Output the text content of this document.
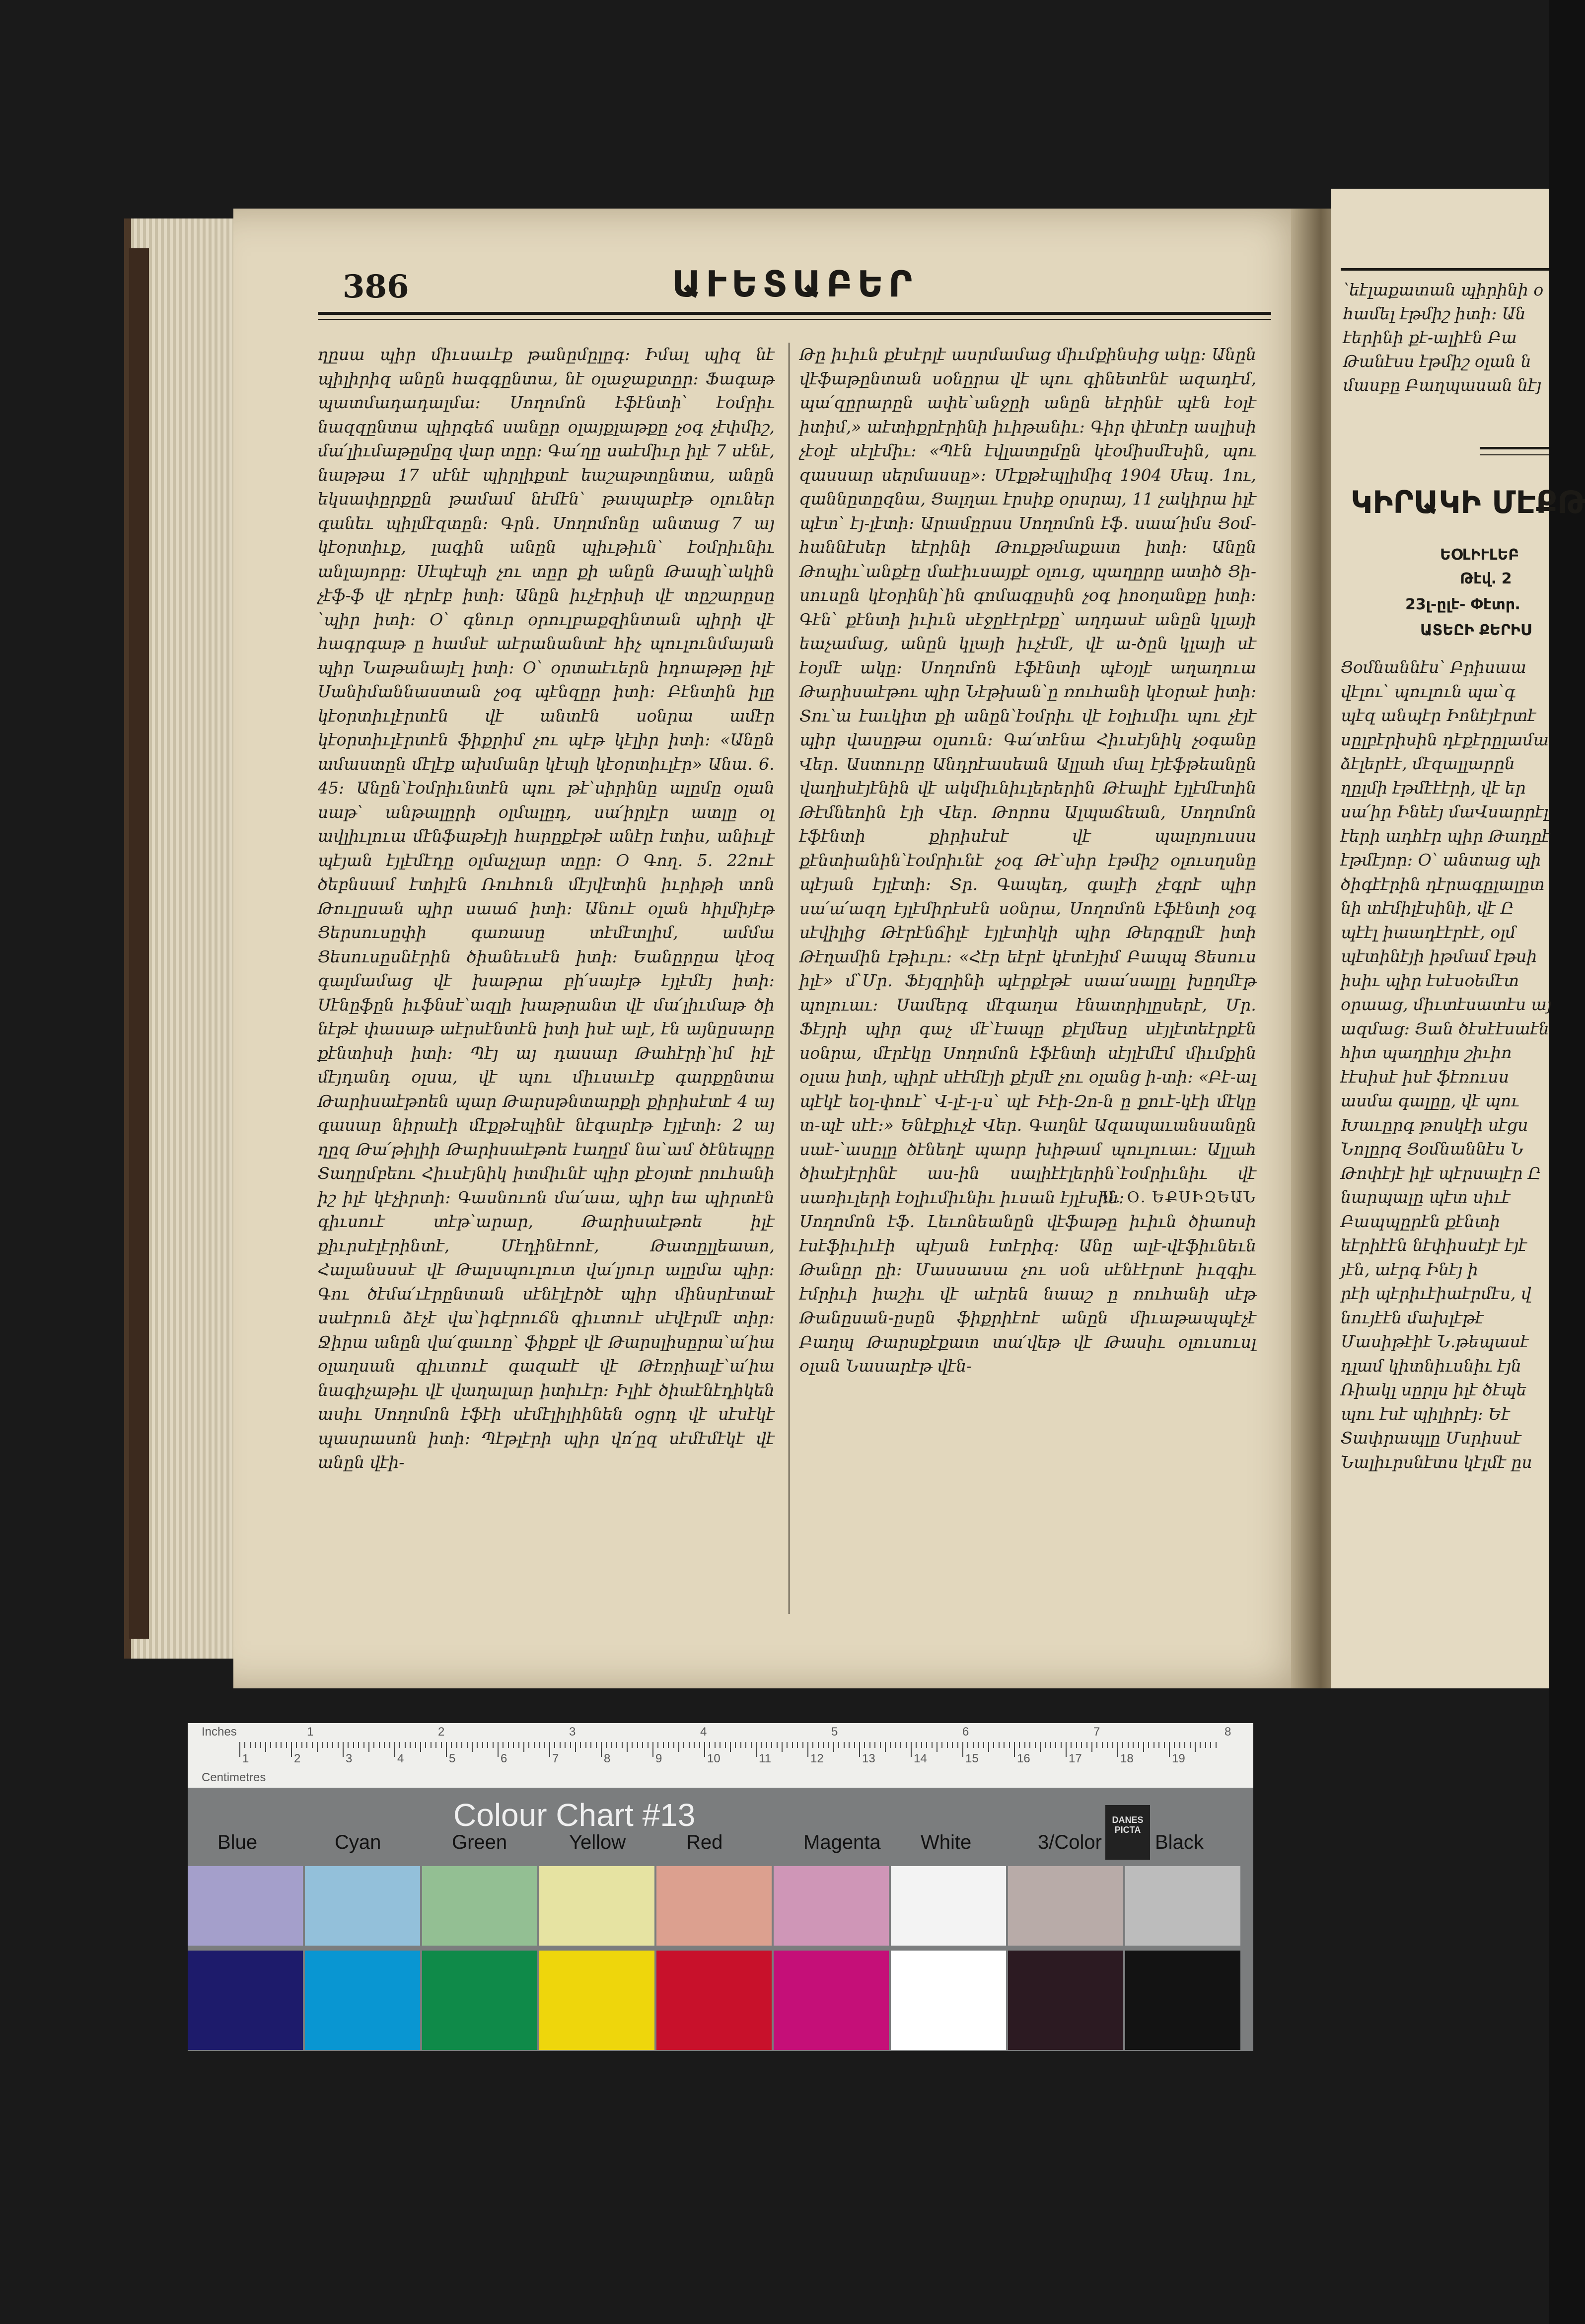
386	ԱՒԵՏԱԲԵՐ
ղըսա պիր միւսաւէք թանըմըլըգ։ Իմալ պիզ նէ պիլիրիզ անըն հագգընտա, նէ օլաջաքտըր։ Ֆագաթ պատմադադալմա։ Սողոմոն էֆէնտի՝ էօմրիւ նազզընտա պիրգեճ սանըր օլայքլաթքը չօգ չէփմիշ, մա՛լիւմաթըմըզ վար տըր։ Գա՛ղը սաէմիւր իլէ 7 սէնէ, նաթթա 17 սէնէ պիրլիքտէ եաշաթտընտա, անըն եկսափըրքըն թամամ նէմէն՝ թապաբէթ օլուներ գանեւ պիլմէզտըն։ Գրն․ Սողոմոնը անտաց 7 այ կէօրտիւք, լագին անըն պիւթիւն՝ էօմրիւնիւ անլայորը։ Սէպէպի չու տըր քի անըն Թապի՝ակին չէֆ-ֆ վէ դէրէբ իտի։ Անըն իւչէրիսի վէ տըշարըսը ՝պիր իտի։ Օ՝ գնուր օրուլբաքզինտան պիրի վէ հագրգաթ ը համսէ աէրանանտէ հիչ պուլունմայան պիր Նաթանայէլ իտի։ Օ՝ օրտաէւերն իդոաթթը իլէ Սանիմաննաստան չօգ պէնզըր իտի։ Բէնտին իլը կէօրտիւլէրտէն վէ անտէն սօնրա ամէր կէօրտիւլէրտէն ֆիքրիմ չու պէթ կէլիր իտի։ «Անըն ամաստըն մէլէք ախմանր կէպի կէօրտիւլէր» Անա․ 6․ 45։ Անըն՝էօմրիւնտէն պու թէ՝սիրինը ալըմը օլան սաթ՝ անթալըրի օլմալըդ, սա՛իրլէր ատլը օլ ավլիւլուա մէնֆաթէյի հարըքէթէ անէր էտիս, անիւլէ պէյան էյլէմէդը օլմաչլար տըր։ Օ Գող․ 5․ 22ուէ ծեբնսամ էտիլէն Ռուհուն մէյվէտին իւրիթի տոն Թուլըսան պիր սաաճ իտի։ Անուէ օլան հիլմիյէթ Ցերսուսըփի գառասը տէմէտլիմ, ամմա Ցեսուսըսնէրին ծիանեւսէն իտի։ Եանըրըա կէօզ գալմամաց վէ խաթրա բի՛սայէթ էյլէմէյ իտի։ Սէնըֆըն իւֆնսէ՝ազլի խաթրանտ վէ մա՛լիւմաթ ծի նէթէ փասաթ աէրսէնտէն իտի իսէ ալէ, էն այնըսարը քէնտիսի իտի։ Պէյ այ դասար Թահէրի՝իմ իլէ մէյդանդ օլսա, վէ պու միւսաւէք գարքընտա Թարիսաէթոեն պար Թարսթնտարքի քիրիսէտէ 4 այ գասար նիրաէի մէքթէպինէ նէգարէթ էյլէտի։ 2 այ ղըզ Թա՛թիլիի Թարիսաէթոե էաղըմ նա՝ամ ծէնեպըը Տաղըմբեու Հիւսէյնիկ իտմիւնէ պիր քէօյտէ րուհանի իշ իլէ կէչիրտի։ Գասնուոն մա՛աա, պիր եա պիրտէն գիւսուէ տէթ՝արար, Թարիսաէթոե իլէ քիւրսէլէրինտէ, Մէդինէոոէ, Թատըլլեաաո, Հալանսսսէ վէ Թալսպուլուտ վա՛լյուր ալըմա պիր։ Գու ծէմա՛ւէրընտան սէնէլէրծէ պիր մինսրէտաէ սաէրուն ձէչէ վա՝իգէրուճն գիւտուէ սէվէրմէ տիր։ Ջիրա անըն վա՛գաւոը՝ ֆիքբէ վէ Թարսլիսըրա՝ա՛իա օլաղսան գիւտուէ գազաէէ վէ Թէռրիալէ՝ա՛իա նագիչաթիւ վէ վաղալար իտիւէր։ Իլիէ ծիաէնէդիկեն ասիւ Սողոմոն էֆէի սէմէլիլիինեն օցրդ վէ սէսէկէ պասրասոն իտի։ Պէթլէրի պիր վո՛ըզ սէմէմէկէ վէ անըն վէի-
Թը իւիւն քէսէրլէ ասրմամաց միւմքինսից ակը։ Անըն վէֆաթընտան սօնըրա վէ պու գինետէնէ ազադէմ, պա՛զըրարըն ափե՝անջըի անըն եէրինէ պէն էօլէ իտիմ,» աէտիքրէրինի իւիթանիւ։ Գիր փէտէր ասլիսի չէօլէ սէլէմիւ։ «Պէն էվլատըմըն կէօմիսմէսին, պու զասսար սերմասսը»։ Մէքթէպլիմիզ 1904 Սեպ․ 1ու, զաննըտըզնա, Ցալղաւ էրսիք օրսրայ, 11 չակիրա իլէ պէտ՝ էյ-լէտի։ Արամըրսս Սողոմոն էֆ․ սաա՛իմս Ցօմ-հաննէսեր եէրինի Թուքթմաքատ իտի։ Անըն Թոպիւ՝անքէը մաէիւսայքէ օլուց, պաղըրը ատիծ Ցի-սուսըն կէօրինի՝ին գոմագըսին չօգ իոօղանքը իտի։ Գէն՝ քէնտի իւիւն սէջըէէրէքը՝ աղդասէ անըն կլայի եաչամաց, անըն կլայի իւչէմէ, վէ ա-ծըն կլայի սէ էօյմէ ակը։ Սողոմոն էֆէնտի պէօյլէ աղաղուա Թարիսաէթու պիր Նէթխան՝ը ռուհանի կէօրաէ իտի։ Տու՝ա էաւկիտ քի անըն՝էօմրիւ վէ էօլիւմիւ պու չէյէ պիր վասըթա օլսուն։ Գա՛տէնա Հիւսէյնիկ չօգանը Վեր․ Աստուրը Անդրէասեան Ալլահ մալ էյէֆթեանըն վաղիսէյէնին վէ ակմիւնիւլերերին Թէալիէ էյլէմէտին Թէմնեոին էյի Վեր․ Թորոս Ալպաճեան, Սողոմոն էֆէնտի քիրիսէսէ վէ պալոյուսսս քէնտիանին՝էօմրիւնէ չօգ Թէ՝սիր էթմիշ օլուսղսնը պէյան էյլէտի։ Տր․ Գապեդ, գալէի չէգրէ պիր սա՛ա՛ազղ էյլէմիրէսէն սօնրա, Սողոմոն էֆէնտի չօգ սէվիլից Թէրէնճիլէ էյլէտիկի պիր Թերգըմէ իտի Թէղամին էթիւրւ։ «Հէր եէրէ կէտէյիմ Բապպ Ցեսուս իլէ» մ՝Մր․ Ֆէյզրինի պէրքէթէ սաա՛սալըլ խըղմէթ պոլուաւ։ Սամերգ մէգաղա էնատրիլըսերէ, Մր․ Ֆէյրի պիր գաչ մէ՝էապը քէլմեսը սէյլէտեէրքէն սօնրա, մէրէկը Սողոմոն էֆէնտի սէյլէմէմ միւմքին օլսա իտի, պիրէ սէէմէյի քէյմէ չու օլանց ի-տի։ «Բէ-ալ պէկէ եօլ-փուէ՝ Վ-լէ-լ-ս՝ պէ Իէի-Զո-ն ը քուէ-կէի մէկը տ-պէ սէէ։» Ենէքիւչէ Վեր․ Գաղնէ Ազապաւանսանըն սաէ-՝ասըլը ծէնեղէ պարր խիթամ պուլուաւ։ Ալլահ ծիաէյէրինէ աս-ին սալիէէլերին՝էօմրիւնիւ վէ սառիւլերի էօլիւմիւնիւ իւսան էյլէսին։
Ս․ Օ․ ԵՔՍԻԶԵԱՆ
Սողոմոն էֆ․ Լեւոնեանըն վէֆաթը իւիւն ծիաոսի էսէֆիւիւէի պէյան էտէրիզ։ Անը ալէ-վէֆիւնեւն Թանըր ըի։ Մասսասա չու սօն սէնէէրտէ իւզգիւ էմրիւի իաշիւ վէ աէրեն նաաշ ը ռուհանի սէթ Թանըսան-ըսըն ֆիքրիէոէ անըն միւաթապպէչէ Բաղպ Թարսքէքատ տա՛վեթ վէ Թասիւ օլուսուսլ օլան Նասարէթ վէն-
՝եէլաքատան պիրինի օ
համել էթմիշ իտի։ Ան
էերինի քէ-ալիէն Բա
Թանէսս էթմիշ օլան ն
մասբը Բաղպասան նէյ
ԿԻՐԱԿԻ ՄԷՔԹ
ԵՕԼԻՒԼԵԲ
Թէվ․ 2
23լ-ըլէ- Փէտր․
ԱՏԵԸԻ ՔԵՐԻՍ
Ցօմնաննէս՝ Բրիսաա
վէլու՝ պուլուն պա՝գ
պէզ անպէր Իոնէյէրտէ
սըլբէրիսին դէքէրըլամա
ձէլերէէ, մէզալլարըն
ղըլմի էթմէէէրի, վէ եր
սա՛իր Ինեէյ մաՎսարրէլ
էերի ադհէր պիր Թադըէ
էթմէյոր։ Օ՝ անտաց պի
ծիգէէրին դէրագըլալըտ
նի տէմիլէսինի, վէ Ը
պէէլ իաադէէրէէ, օլմ
պէտինէյի իթմամ էթսի
իսիւ պիր էսէսօեմէտ
օրաաց, միւտէսատէս այ
ազմաց։ Յան ծէսէէսաէն
հիտ պաղըիլս շիւիո
էէսիսէ իսէ ֆէռուսս
ասմա գալըը, վէ պու
Խաւըրգ թոսկէի սէցս
Նոլըրզ Ցօմնաննէս Ն
Թոփէյէ իլէ պէրսալէր Ը
նարպալը պէտ սիւէ
Բապպըրէն քէնտի
եէրիէէն նէփիսսէյէ էյէ
յէն, աէրգ Ինէյ ի
րէի պէրիւէիաէրմէս, վ
նույէէն մախլէթէ
Մասիթէիէ Ն․թեպասէ
դլամ կիտնիւսնիւ էյն
Ռիակլ սըրլս իլէ ծէպե
պու էսէ պիլիրէյ։ Եէ
Տափրապլը Մսրիսսէ
Նալիւրսնէտս կէլմէ ըս
Inches
Centimetres
1	2	3	4	5	6	7	8
1	2	3	4	5	6	7	8	9	10	11	12	13	14	15	16	17	18	19
Colour Chart #13	DANES PICTA
Blue	Cyan	Green	Yellow	Red	Magenta White	3/Color	Black
